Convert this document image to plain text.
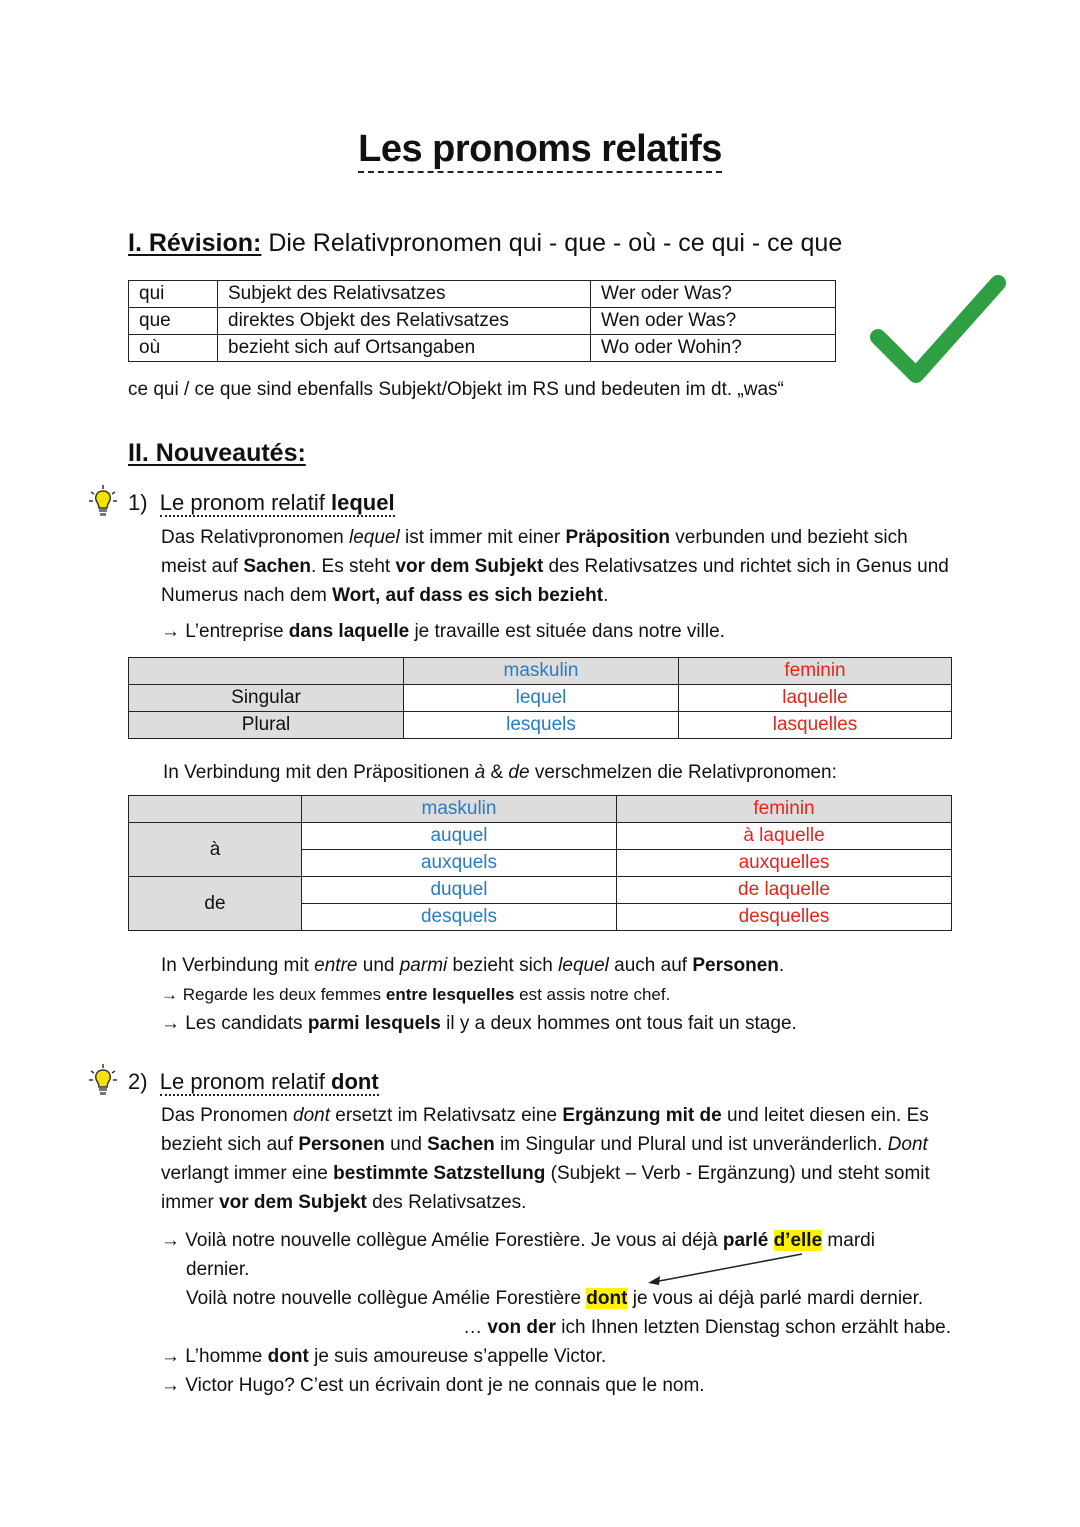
Les pronoms relatifs
I. Révision: Die Relativpronomen qui - que - où - ce qui - ce que
qui	Subjekt des Relativsatzes	Wer oder Was?
que	direktes Objekt des Relativsatzes	Wen oder Was?
où	bezieht sich auf Ortsangaben	Wo oder Wohin?
ce qui / ce que sind ebenfalls Subjekt/Objekt im RS und bedeuten im dt. „was“
II. Nouveautés:
1) Le pronom relatif lequel
Das Relativpronomen lequel ist immer mit einer Präposition verbunden und bezieht sich
meist auf Sachen. Es steht vor dem Subjekt des Relativsatzes und richtet sich in Genus und
Numerus nach dem Wort, auf dass es sich bezieht.
→ L’entreprise dans laquelle je travaille est située dans notre ville.
	maskulin	feminin
Singular	lequel	laquelle
Plural	lesquels	lasquelles
In Verbindung mit den Präpositionen à & de verschmelzen die Relativpronomen:
	maskulin	feminin
à	auquel	à laquelle
	auxquels	auxquelles
de	duquel	de laquelle
	desquels	desquelles
In Verbindung mit entre und parmi bezieht sich lequel auch auf Personen.
→ Regarde les deux femmes entre lesquelles est assis notre chef.
→ Les candidats parmi lesquels il y a deux hommes ont tous fait un stage.
2) Le pronom relatif dont
Das Pronomen dont ersetzt im Relativsatz eine Ergänzung mit de und leitet diesen ein. Es
bezieht sich auf Personen und Sachen im Singular und Plural und ist unveränderlich. Dont
verlangt immer eine bestimmte Satzstellung (Subjekt – Verb - Ergänzung) und steht somit
immer vor dem Subjekt des Relativsatzes.
→ Voilà notre nouvelle collègue Amélie Forestière. Je vous ai déjà parlé d’elle mardi
dernier.
Voilà notre nouvelle collègue Amélie Forestière dont je vous ai déjà parlé mardi dernier.
… von der ich Ihnen letzten Dienstag schon erzählt habe.
→ L’homme dont je suis amoureuse s’appelle Victor.
→ Victor Hugo? C’est un écrivain dont je ne connais que le nom.
